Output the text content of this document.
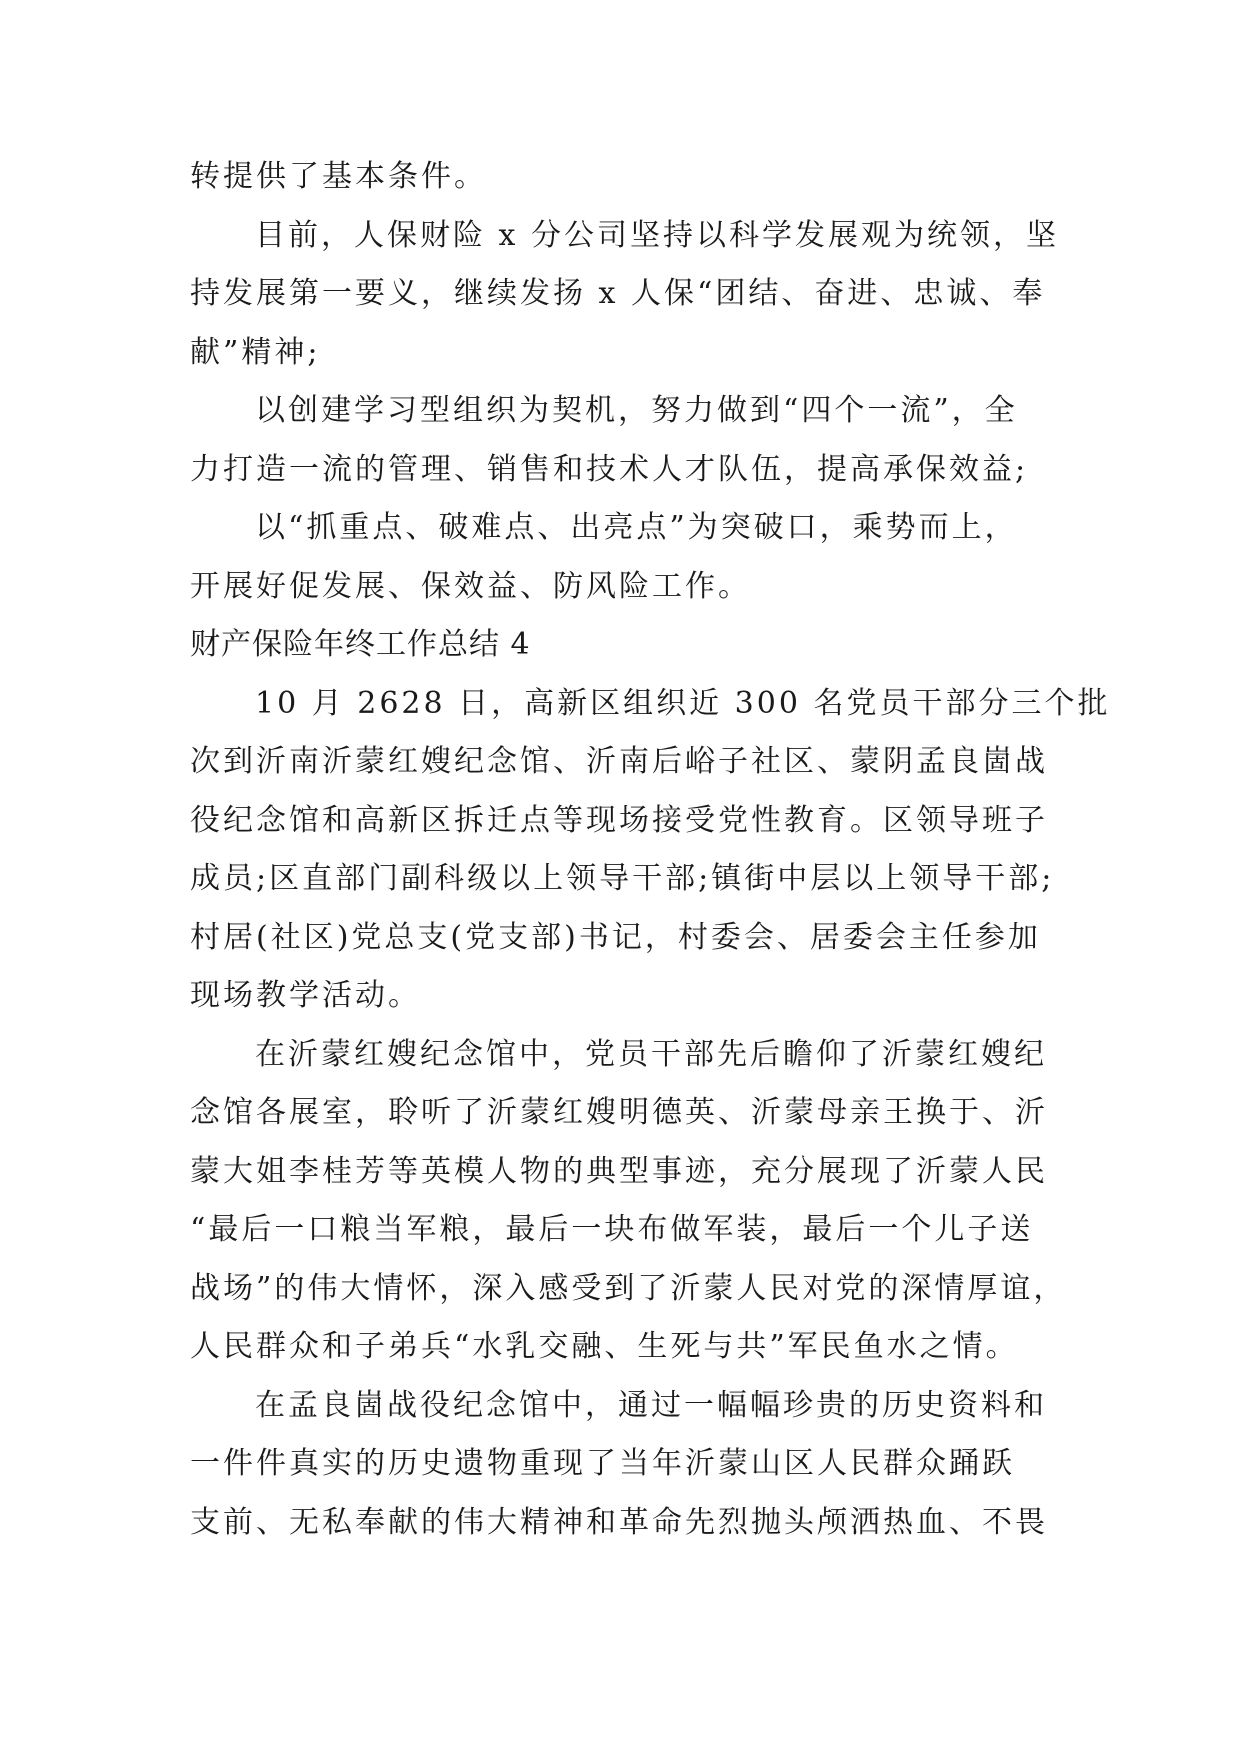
转提供了基本条件。
目前，人保财险 x 分公司坚持以科学发展观为统领，坚
持发展第一要义，继续发扬 x 人保“团结、奋进、忠诚、奉
献”精神;
以创建学习型组织为契机，努力做到“四个一流”，全
力打造一流的管理、销售和技术人才队伍，提高承保效益;
以“抓重点、破难点、出亮点”为突破口，乘势而上，
开展好促发展、保效益、防风险工作。
财产保险年终工作总结 4
10 月 2628 日，高新区组织近 300 名党员干部分三个批
次到沂南沂蒙红嫂纪念馆、沂南后峪子社区、蒙阴孟良崮战
役纪念馆和高新区拆迁点等现场接受党性教育。区领导班子
成员;区直部门副科级以上领导干部;镇街中层以上领导干部;
村居(社区)党总支(党支部)书记，村委会、居委会主任参加
现场教学活动。
在沂蒙红嫂纪念馆中，党员干部先后瞻仰了沂蒙红嫂纪
念馆各展室，聆听了沂蒙红嫂明德英、沂蒙母亲王换于、沂
蒙大姐李桂芳等英模人物的典型事迹，充分展现了沂蒙人民
“最后一口粮当军粮，最后一块布做军装，最后一个儿子送
战场”的伟大情怀，深入感受到了沂蒙人民对党的深情厚谊，
人民群众和子弟兵“水乳交融、生死与共”军民鱼水之情。
在孟良崮战役纪念馆中，通过一幅幅珍贵的历史资料和
一件件真实的历史遗物重现了当年沂蒙山区人民群众踊跃
支前、无私奉献的伟大精神和革命先烈抛头颅洒热血、不畏
